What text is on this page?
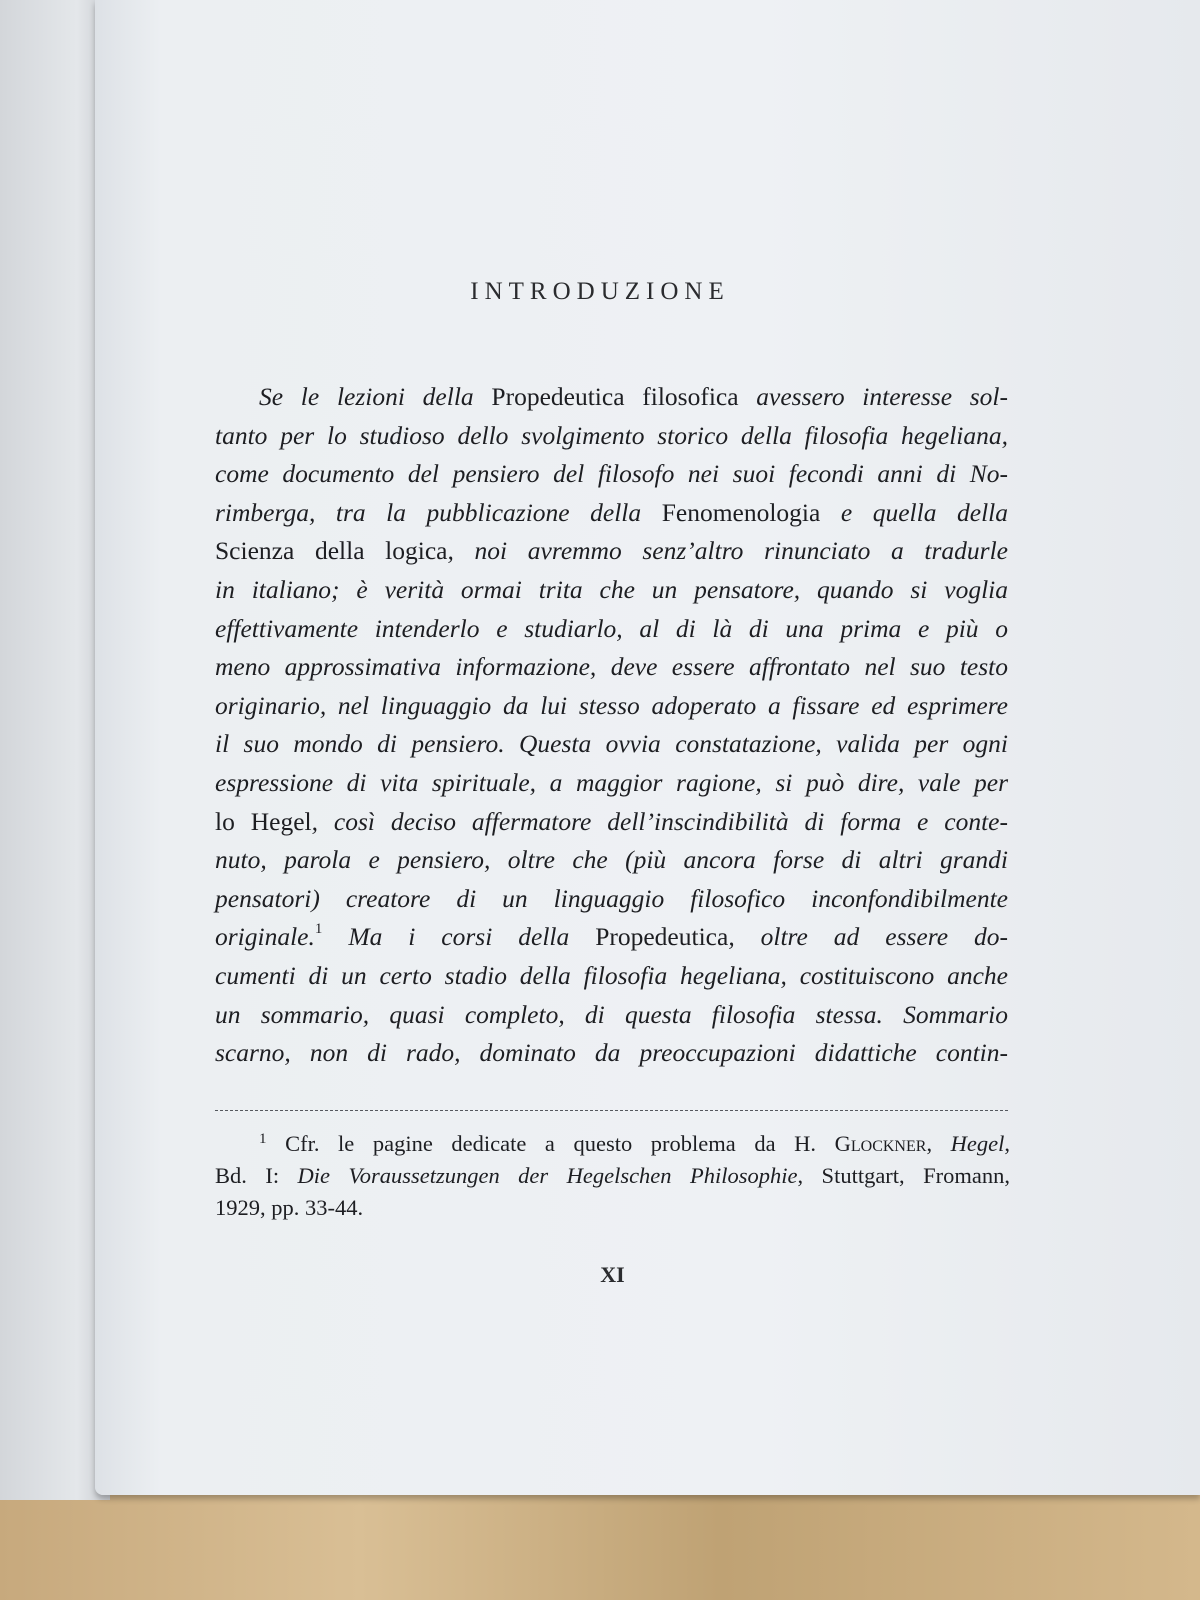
INTRODUZIONE
Se le lezioni della Propedeutica filosofica avessero interesse sol-
tanto per lo studioso dello svolgimento storico della filosofia hegeliana,
come documento del pensiero del filosofo nei suoi fecondi anni di No-
rimberga, tra la pubblicazione della Fenomenologia e quella della
Scienza della logica, noi avremmo senz’altro rinunciato a tradurle
in italiano; è verità ormai trita che un pensatore, quando si voglia
effettivamente intenderlo e studiarlo, al di là di una prima e più o
meno approssimativa informazione, deve essere affrontato nel suo testo
originario, nel linguaggio da lui stesso adoperato a fissare ed esprimere
il suo mondo di pensiero. Questa ovvia constatazione, valida per ogni
espressione di vita spirituale, a maggior ragione, si può dire, vale per
lo Hegel, così deciso affermatore dell’inscindibilità di forma e conte-
nuto, parola e pensiero, oltre che (più ancora forse di altri grandi
pensatori) creatore di un linguaggio filosofico inconfondibilmente
originale.$^1$ Ma i corsi della Propedeutica, oltre ad essere do-
cumenti di un certo stadio della filosofia hegeliana, costituiscono anche
un sommario, quasi completo, di questa filosofia stessa. Sommario
scarno, non di rado, dominato da preoccupazioni didattiche contin-
$^1$ Cfr. le pagine dedicate a questo problema da H. Glockner, Hegel,
Bd. I: Die Voraussetzungen der Hegelschen Philosophie, Stuttgart, Fromann,
1929, pp. 33-44.
XI
